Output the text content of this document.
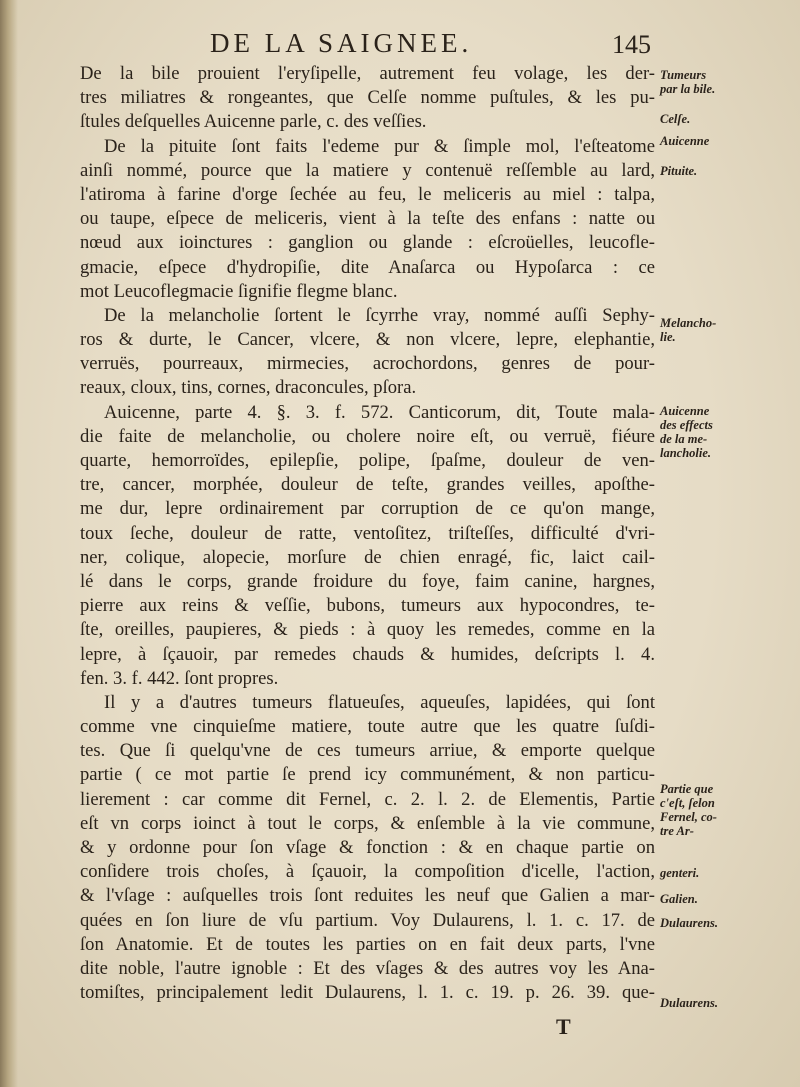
DE LA SAIGNEE.	145
De la bile prouient l'eryſipelle, autrement feu volage, les der-
tres miliatres & rongeantes, que Celſe nomme puſtules, & les pu-
ſtules deſquelles Auicenne parle, c. des veſſies.
De la pituite ſont faits l'edeme pur & ſimple mol, l'eſteatome
ainſi nommé, pource que la matiere y contenuë reſſemble au lard,
l'atiroma à farine d'orge ſechée au feu, le meliceris au miel : talpa,
ou taupe, eſpece de meliceris, vient à la teſte des enfans : natte ou
nœud aux ioinctures : ganglion ou glande : eſcroüelles, leucofle-
gmacie, eſpece d'hydropiſie, dite Anaſarca ou Hypoſarca : ce
mot Leucoflegmacie ſignifie flegme blanc.
De la melancholie ſortent le ſcyrrhe vray, nommé auſſi Sephy-
ros & durte, le Cancer, vlcere, & non vlcere, lepre, elephantie,
verruës, pourreaux, mirmecies, acrochordons, genres de pour-
reaux, cloux, tins, cornes, draconcules, pſora.
Auicenne, parte 4. §. 3. f. 572. Canticorum, dit, Toute mala-
die faite de melancholie, ou cholere noire eſt, ou verruë, fiéure
quarte, hemorroïdes, epilepſie, polipe, ſpaſme, douleur de ven-
tre, cancer, morphée, douleur de teſte, grandes veilles, apoſthe-
me dur, lepre ordinairement par corruption de ce qu'on mange,
toux ſeche, douleur de ratte, ventoſitez, triſteſſes, difficulté d'vri-
ner, colique, alopecie, morſure de chien enragé, fic, laict cail-
lé dans le corps, grande froidure du foye, faim canine, hargnes,
pierre aux reins & veſſie, bubons, tumeurs aux hypocondres, te-
ſte, oreilles, paupieres, & pieds : à quoy les remedes, comme en la
lepre, à ſçauoir, par remedes chauds & humides, deſcripts l. 4.
fen. 3. f. 442. ſont propres.
Il y a d'autres tumeurs flatueuſes, aqueuſes, lapidées, qui ſont
comme vne cinquieſme matiere, toute autre que les quatre ſuſdi-
tes. Que ſi quelqu'vne de ces tumeurs arriue, & emporte quelque
partie ( ce mot partie ſe prend icy communément, & non particu-
lierement : car comme dit Fernel, c. 2. l. 2. de Elementis, Partie
eſt vn corps ioinct à tout le corps, & enſemble à la vie commune,
& y ordonne pour ſon vſage & fonction : & en chaque partie on
conſidere trois choſes, à ſçauoir, la compoſition d'icelle, l'action,
& l'vſage : auſquelles trois ſont reduites les neuf que Galien a mar-
quées en ſon liure de vſu partium. Voy Dulaurens, l. 1. c. 17. de
ſon Anatomie. Et de toutes les parties on en fait deux parts, l'vne
dite noble, l'autre ignoble : Et des vſages & des autres voy les Ana-
tomiſtes, principalement ledit Dulaurens, l. 1. c. 19. p. 26. 39. que-
Tumeurs
par la bile.
Celſe.
Auicenne
Pituite.
Melancho-
lie.
Auicenne
des effects
de la me-
lancholie.
Partie que
c'eſt, ſelon
Fernel, co-
tre Ar-
genteri.
Galien.
Dulaurens.
Dulaurens.
T
